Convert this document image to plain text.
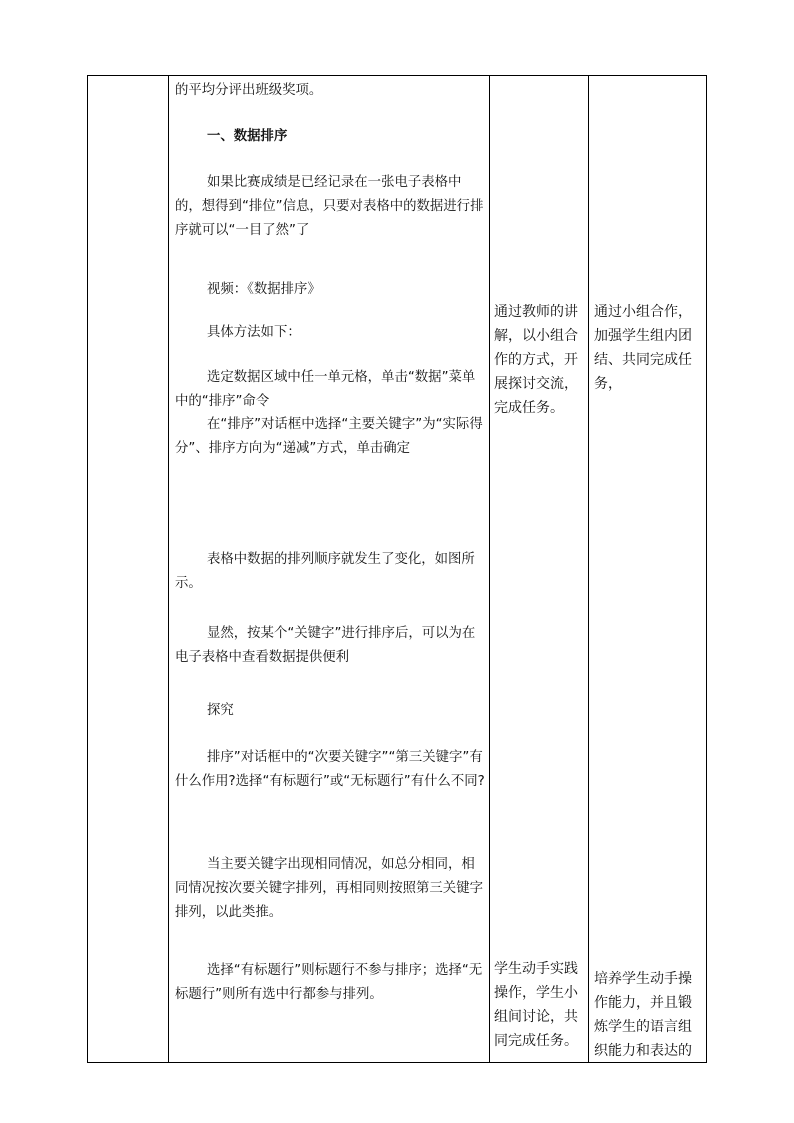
的平均分评出班级奖项。

一、数据排序

如果比赛成绩是已经记录在一张电子表格中的，想得到“排位”信息，只要对表格中的数据进行排序就可以“一目了然”了

视频：《数据排序》

具体方法如下：

选定数据区域中任一单元格，单击“数据”菜单中的“排序”命令

在“排序”对话框中选择“主要关键字”为“实际得分”、排序方向为“递减”方式，单击确定

表格中数据的排列顺序就发生了变化，如图所示。

显然，按某个“关键字”进行排序后，可以为在电子表格中查看数据提供便利

探究

排序”对话框中的“次要关键字”“第三关键字”有什么作用?选择“有标题行”或“无标题行”有什么不同?

当主要关键字出现相同情况，如总分相同，相同情况按次要关键字排列，再相同则按照第三关键字排列，以此类推。

选择“有标题行”则标题行不参与排序；选择“无标题行”则所有选中行都参与排列。

通过教师的讲解，以小组合作的方式，开展探讨交流，完成任务。
学生动手实践操作，学生小组间讨论，共同完成任务。
通过小组合作，加强学生组内团结、共同完成任务，
培养学生动手操作能力，并且锻炼学生的语言组织能力和表达的
